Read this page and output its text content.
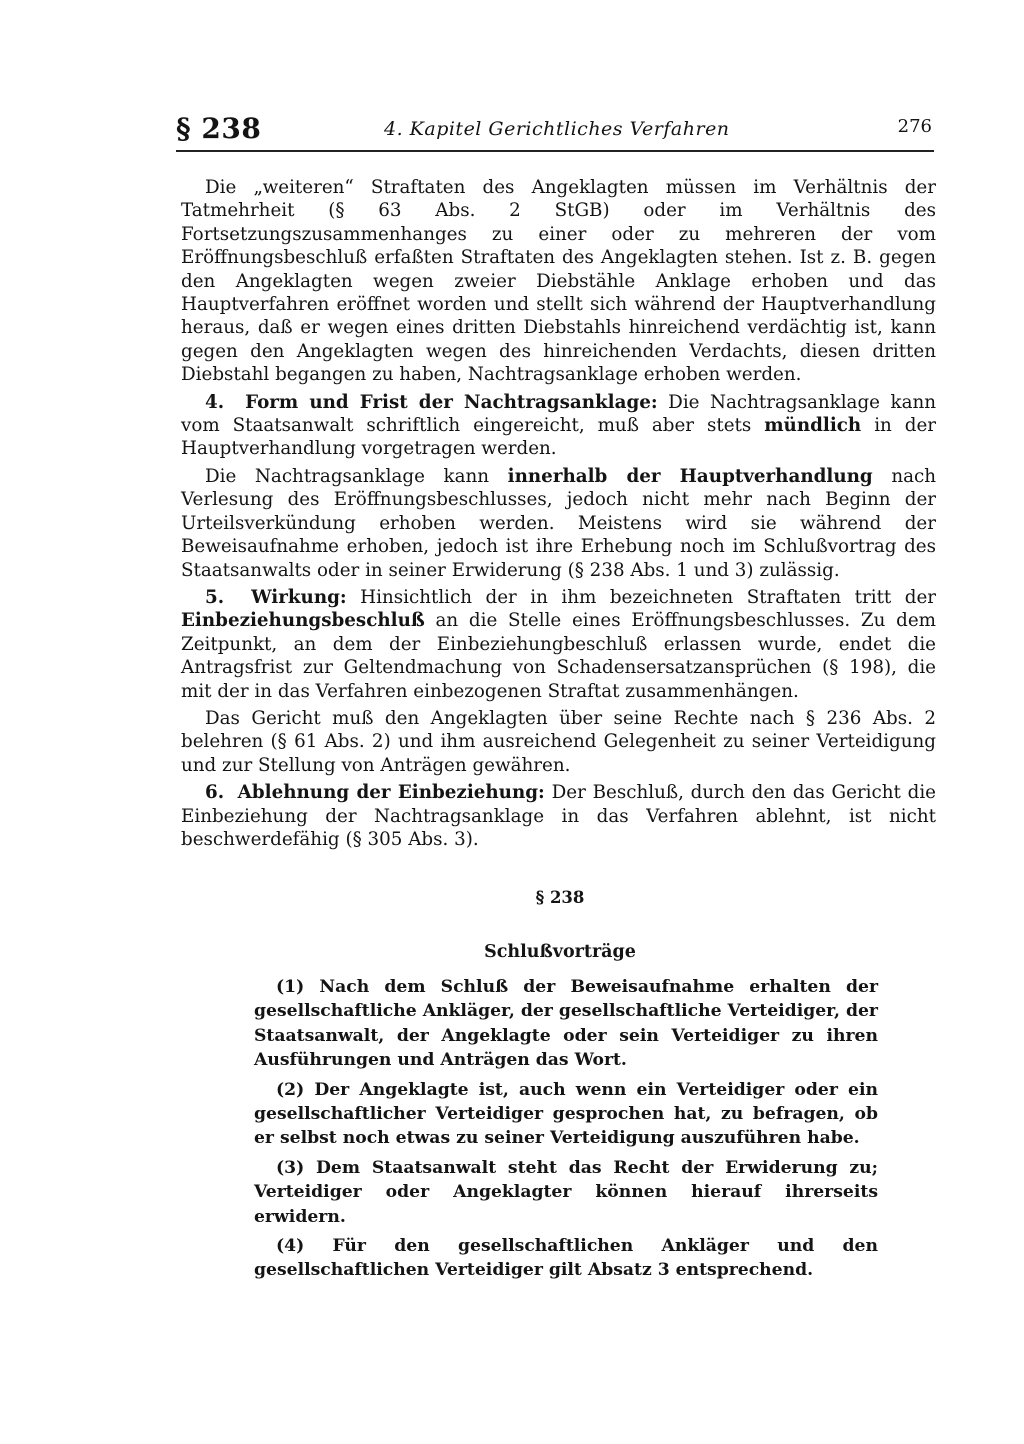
§ 238	4. Kapitel Gerichtliches Verfahren	276

Die „weiteren“ Straftaten des Angeklagten müssen im Verhältnis der Tatmehrheit (§ 63 Abs. 2 StGB) oder im Verhältnis des Fortsetzungszusammenhanges zu einer oder zu mehreren der vom Eröffnungsbeschluß erfaßten Straftaten des Angeklagten stehen. Ist z. B. gegen den Angeklagten wegen zweier Diebstähle Anklage erhoben und das Hauptverfahren eröffnet worden und stellt sich während der Hauptverhandlung heraus, daß er wegen eines dritten Diebstahls hinreichend verdächtig ist, kann gegen den Angeklagten wegen des hinreichenden Verdachts, diesen dritten Diebstahl begangen zu haben, Nachtragsanklage erhoben werden.

4. Form und Frist der Nachtragsanklage: Die Nachtragsanklage kann vom Staatsanwalt schriftlich eingereicht, muß aber stets mündlich in der Hauptverhandlung vorgetragen werden.

Die Nachtragsanklage kann innerhalb der Hauptverhandlung nach Verlesung des Eröffnungsbeschlusses, jedoch nicht mehr nach Beginn der Urteilsverkündung erhoben werden. Meistens wird sie während der Beweisaufnahme erhoben, jedoch ist ihre Erhebung noch im Schlußvortrag des Staatsanwalts oder in seiner Erwiderung (§ 238 Abs. 1 und 3) zulässig.

5. Wirkung: Hinsichtlich der in ihm bezeichneten Straftaten tritt der Einbeziehungsbeschluß an die Stelle eines Eröffnungsbeschlusses. Zu dem Zeitpunkt, an dem der Einbeziehungbeschluß erlassen wurde, endet die Antragsfrist zur Geltendmachung von Schadensersatzansprüchen (§ 198), die mit der in das Verfahren einbezogenen Straftat zusammenhängen.

Das Gericht muß den Angeklagten über seine Rechte nach § 236 Abs. 2 belehren (§ 61 Abs. 2) und ihm ausreichend Gelegenheit zu seiner Verteidigung und zur Stellung von Anträgen gewähren.

6. Ablehnung der Einbeziehung: Der Beschluß, durch den das Gericht die Einbeziehung der Nachtragsanklage in das Verfahren ablehnt, ist nicht beschwerdefähig (§ 305 Abs. 3).

§ 238
Schlußvorträge

(1) Nach dem Schluß der Beweisaufnahme erhalten der gesellschaftliche Ankläger, der gesellschaftliche Verteidiger, der Staatsanwalt, der Angeklagte oder sein Verteidiger zu ihren Ausführungen und Anträgen das Wort.

(2) Der Angeklagte ist, auch wenn ein Verteidiger oder ein gesellschaftlicher Verteidiger gesprochen hat, zu befragen, ob er selbst noch etwas zu seiner Verteidigung auszuführen habe.

(3) Dem Staatsanwalt steht das Recht der Erwiderung zu; Verteidiger oder Angeklagter können hierauf ihrerseits erwidern.

(4) Für den gesellschaftlichen Ankläger und den gesellschaftlichen Verteidiger gilt Absatz 3 entsprechend.
